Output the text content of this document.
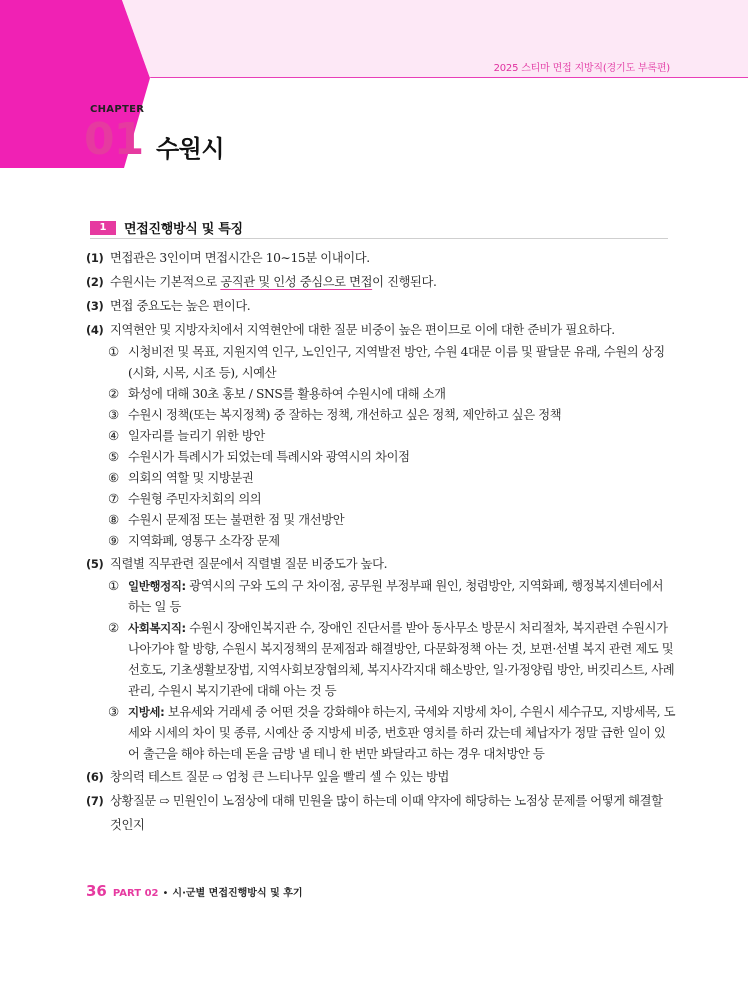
2025 스티마 면접 지방직(경기도 부록편)
CHAPTER
01 수원시
1	면접진행방식 및 특징
(1) 면접관은 3인이며 면접시간은 10∼15분 이내이다.
(2) 수원시는 기본적으로 공직관 및 인성 중심으로 면접이 진행된다.
(3) 면접 중요도는 높은 편이다.
(4) 지역현안 및 지방자치에서 지역현안에 대한 질문 비중이 높은 편이므로 이에 대한 준비가 필요하다.
① 시청비전 및 목표, 지원지역 인구, 노인인구, 지역발전 방안, 수원 4대문 이름 및 팔달문 유래, 수원의 상징(시화, 시목, 시조 등), 시예산
② 화성에 대해 30초 홍보 / SNS를 활용하여 수원시에 대해 소개
③ 수원시 정책(또는 복지정책) 중 잘하는 정책, 개선하고 싶은 정책, 제안하고 싶은 정책
④ 일자리를 늘리기 위한 방안
⑤ 수원시가 특례시가 되었는데 특례시와 광역시의 차이점
⑥ 의회의 역할 및 지방분권
⑦ 수원형 주민자치회의 의의
⑧ 수원시 문제점 또는 불편한 점 및 개선방안
⑨ 지역화폐, 영통구 소각장 문제
(5) 직렬별 직무관련 질문에서 직렬별 질문 비중도가 높다.
① 일반행정직: 광역시의 구와 도의 구 차이점, 공무원 부정부패 원인, 청렴방안, 지역화폐, 행정복지센터에서 하는 일 등
② 사회복지직: 수원시 장애인복지관 수, 장애인 진단서를 받아 동사무소 방문시 처리절차, 복지관련 수원시가 나아가야 할 방향, 수원시 복지정책의 문제점과 해결방안, 다문화정책 아는 것, 보편·선별 복지 관련 제도 및 선호도, 기초생활보장법, 지역사회보장협의체, 복지사각지대 해소방안, 일·가정양립 방안, 버킷리스트, 사례관리, 수원시 복지기관에 대해 아는 것 등
③ 지방세: 보유세와 거래세 중 어떤 것을 강화해야 하는지, 국세와 지방세 차이, 수원시 세수규모, 지방세목, 도세와 시세의 차이 및 종류, 시예산 중 지방세 비중, 번호판 영치를 하러 갔는데 체납자가 정말 급한 일이 있어 출근을 해야 하는데 돈을 금방 낼 테니 한 번만 봐달라고 하는 경우 대처방안 등
(6) 창의력 테스트 질문 ⇨ 엄청 큰 느티나무 잎을 빨리 셀 수 있는 방법
(7) 상황질문 ⇨ 민원인이 노점상에 대해 민원을 많이 하는데 이때 약자에 해당하는 노점상 문제를 어떻게 해결할 것인지
36 PART 02 • 시·군별 면접진행방식 및 후기
